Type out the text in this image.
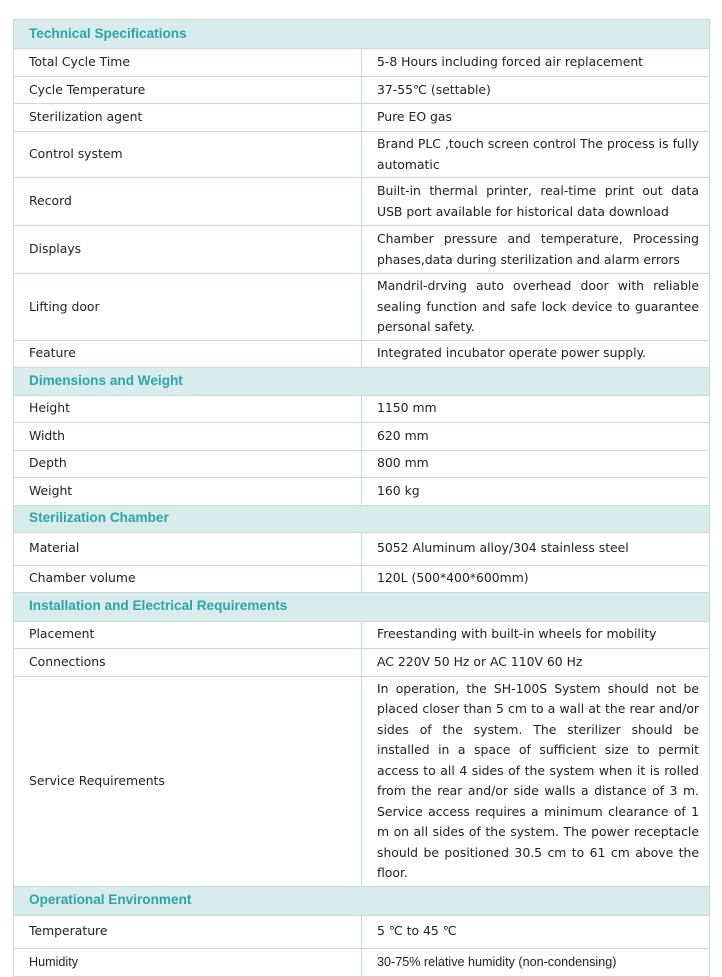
Technical Specifications	
Total Cycle Time	5-8 Hours including forced air replacement
Cycle Temperature	37-55℃ (settable)
Sterilization agent	Pure EO gas
Control system	Brand PLC ,touch screen control The process is fully automatic
Record	Built-in thermal printer, real-time print out data USB port available for historical data download
Displays	Chamber pressure and temperature, Processing phases,data during sterilization and alarm errors
Lifting door	Mandril-drving auto overhead door with reliable sealing function and safe lock device to guarantee personal safety.
Feature	Integrated incubator operate power supply.
Dimensions and Weight	
Height	1150 mm
Width	620 mm
Depth	800 mm
Weight	160 kg
Sterilization Chamber	
Material	5052 Aluminum alloy/304 stainless steel
Chamber volume	120L (500*400*600mm)
Installation and Electrical Requirements	
Placement	Freestanding with built-in wheels for mobility
Connections	AC 220V 50 Hz or AC 110V 60 Hz
Service Requirements	In operation, the SH-100S System should not be placed closer than 5 cm to a wall at the rear and/or sides of the system. The sterilizer should be installed in a space of sufficient size to permit access to all 4 sides of the system when it is rolled from the rear and/or side walls a distance of 3 m. Service access requires a minimum clearance of 1 m on all sides of the system. The power receptacle should be positioned 30.5 cm to 61 cm above the floor.
Operational Environment	
Temperature	5 ℃ to 45 ℃
Humidity	30-75% relative humidity (non-condensing)
